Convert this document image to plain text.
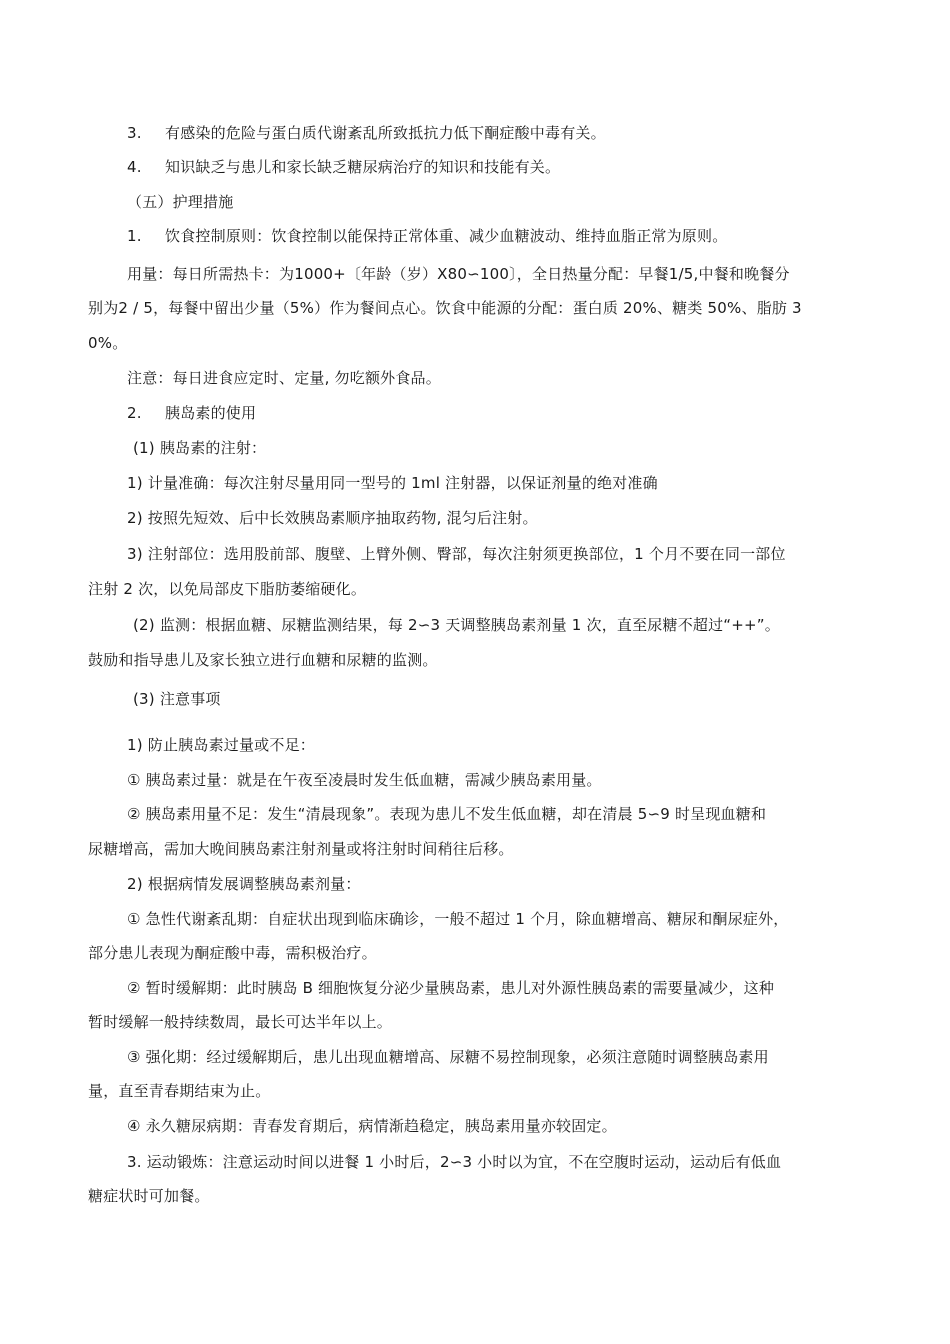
3. 有感染的危险与蛋白质代谢紊乱所致抵抗力低下酮症酸中毒有关。
4. 知识缺乏与患儿和家长缺乏糖尿病治疗的知识和技能有关。
（五）护理措施
1. 饮食控制原则：饮食控制以能保持正常体重、减少血糖波动、维持血脂正常为原则。
用量：每日所需热卡：为1000+〔年龄（岁）X80∽100〕，全日热量分配：早餐1/5,中餐和晚餐分
别为2 / 5，每餐中留出少量（5%）作为餐间点心。饮食中能源的分配：蛋白质 20%、糖类 50%、脂肪 3
0%。
注意：每日进食应定时、定量, 勿吃额外食品。
2. 胰岛素的使用
(1) 胰岛素的注射：
1) 计量准确：每次注射尽量用同一型号的 1ml 注射器，以保证剂量的绝对准确
2) 按照先短效、后中长效胰岛素顺序抽取药物, 混匀后注射。
3) 注射部位：选用股前部、腹壁、上臂外侧、臀部，每次注射须更换部位，1 个月不要在同一部位
注射 2 次，以免局部皮下脂肪萎缩硬化。
(2) 监测：根据血糖、尿糖监测结果，每 2∽3 天调整胰岛素剂量 1 次，直至尿糖不超过“++”。
鼓励和指导患儿及家长独立进行血糖和尿糖的监测。
(3) 注意事项
1) 防止胰岛素过量或不足：
① 胰岛素过量：就是在午夜至凌晨时发生低血糖，需减少胰岛素用量。
② 胰岛素用量不足：发生“清晨现象”。表现为患儿不发生低血糖，却在清晨 5∽9 时呈现血糖和
尿糖增高，需加大晚间胰岛素注射剂量或将注射时间稍往后移。
2) 根据病情发展调整胰岛素剂量：
① 急性代谢紊乱期：自症状出现到临床确诊，一般不超过 1 个月，除血糖增高、糖尿和酮尿症外，
部分患儿表现为酮症酸中毒，需积极治疗。
② 暂时缓解期：此时胰岛 B 细胞恢复分泌少量胰岛素，患儿对外源性胰岛素的需要量减少，这种
暂时缓解一般持续数周，最长可达半年以上。
③ 强化期：经过缓解期后，患儿出现血糖增高、尿糖不易控制现象，必须注意随时调整胰岛素用
量，直至青春期结束为止。
④ 永久糖尿病期：青春发育期后，病情渐趋稳定，胰岛素用量亦较固定。
3. 运动锻炼：注意运动时间以进餐 1 小时后，2∽3 小时以为宜，不在空腹时运动，运动后有低血
糖症状时可加餐。
